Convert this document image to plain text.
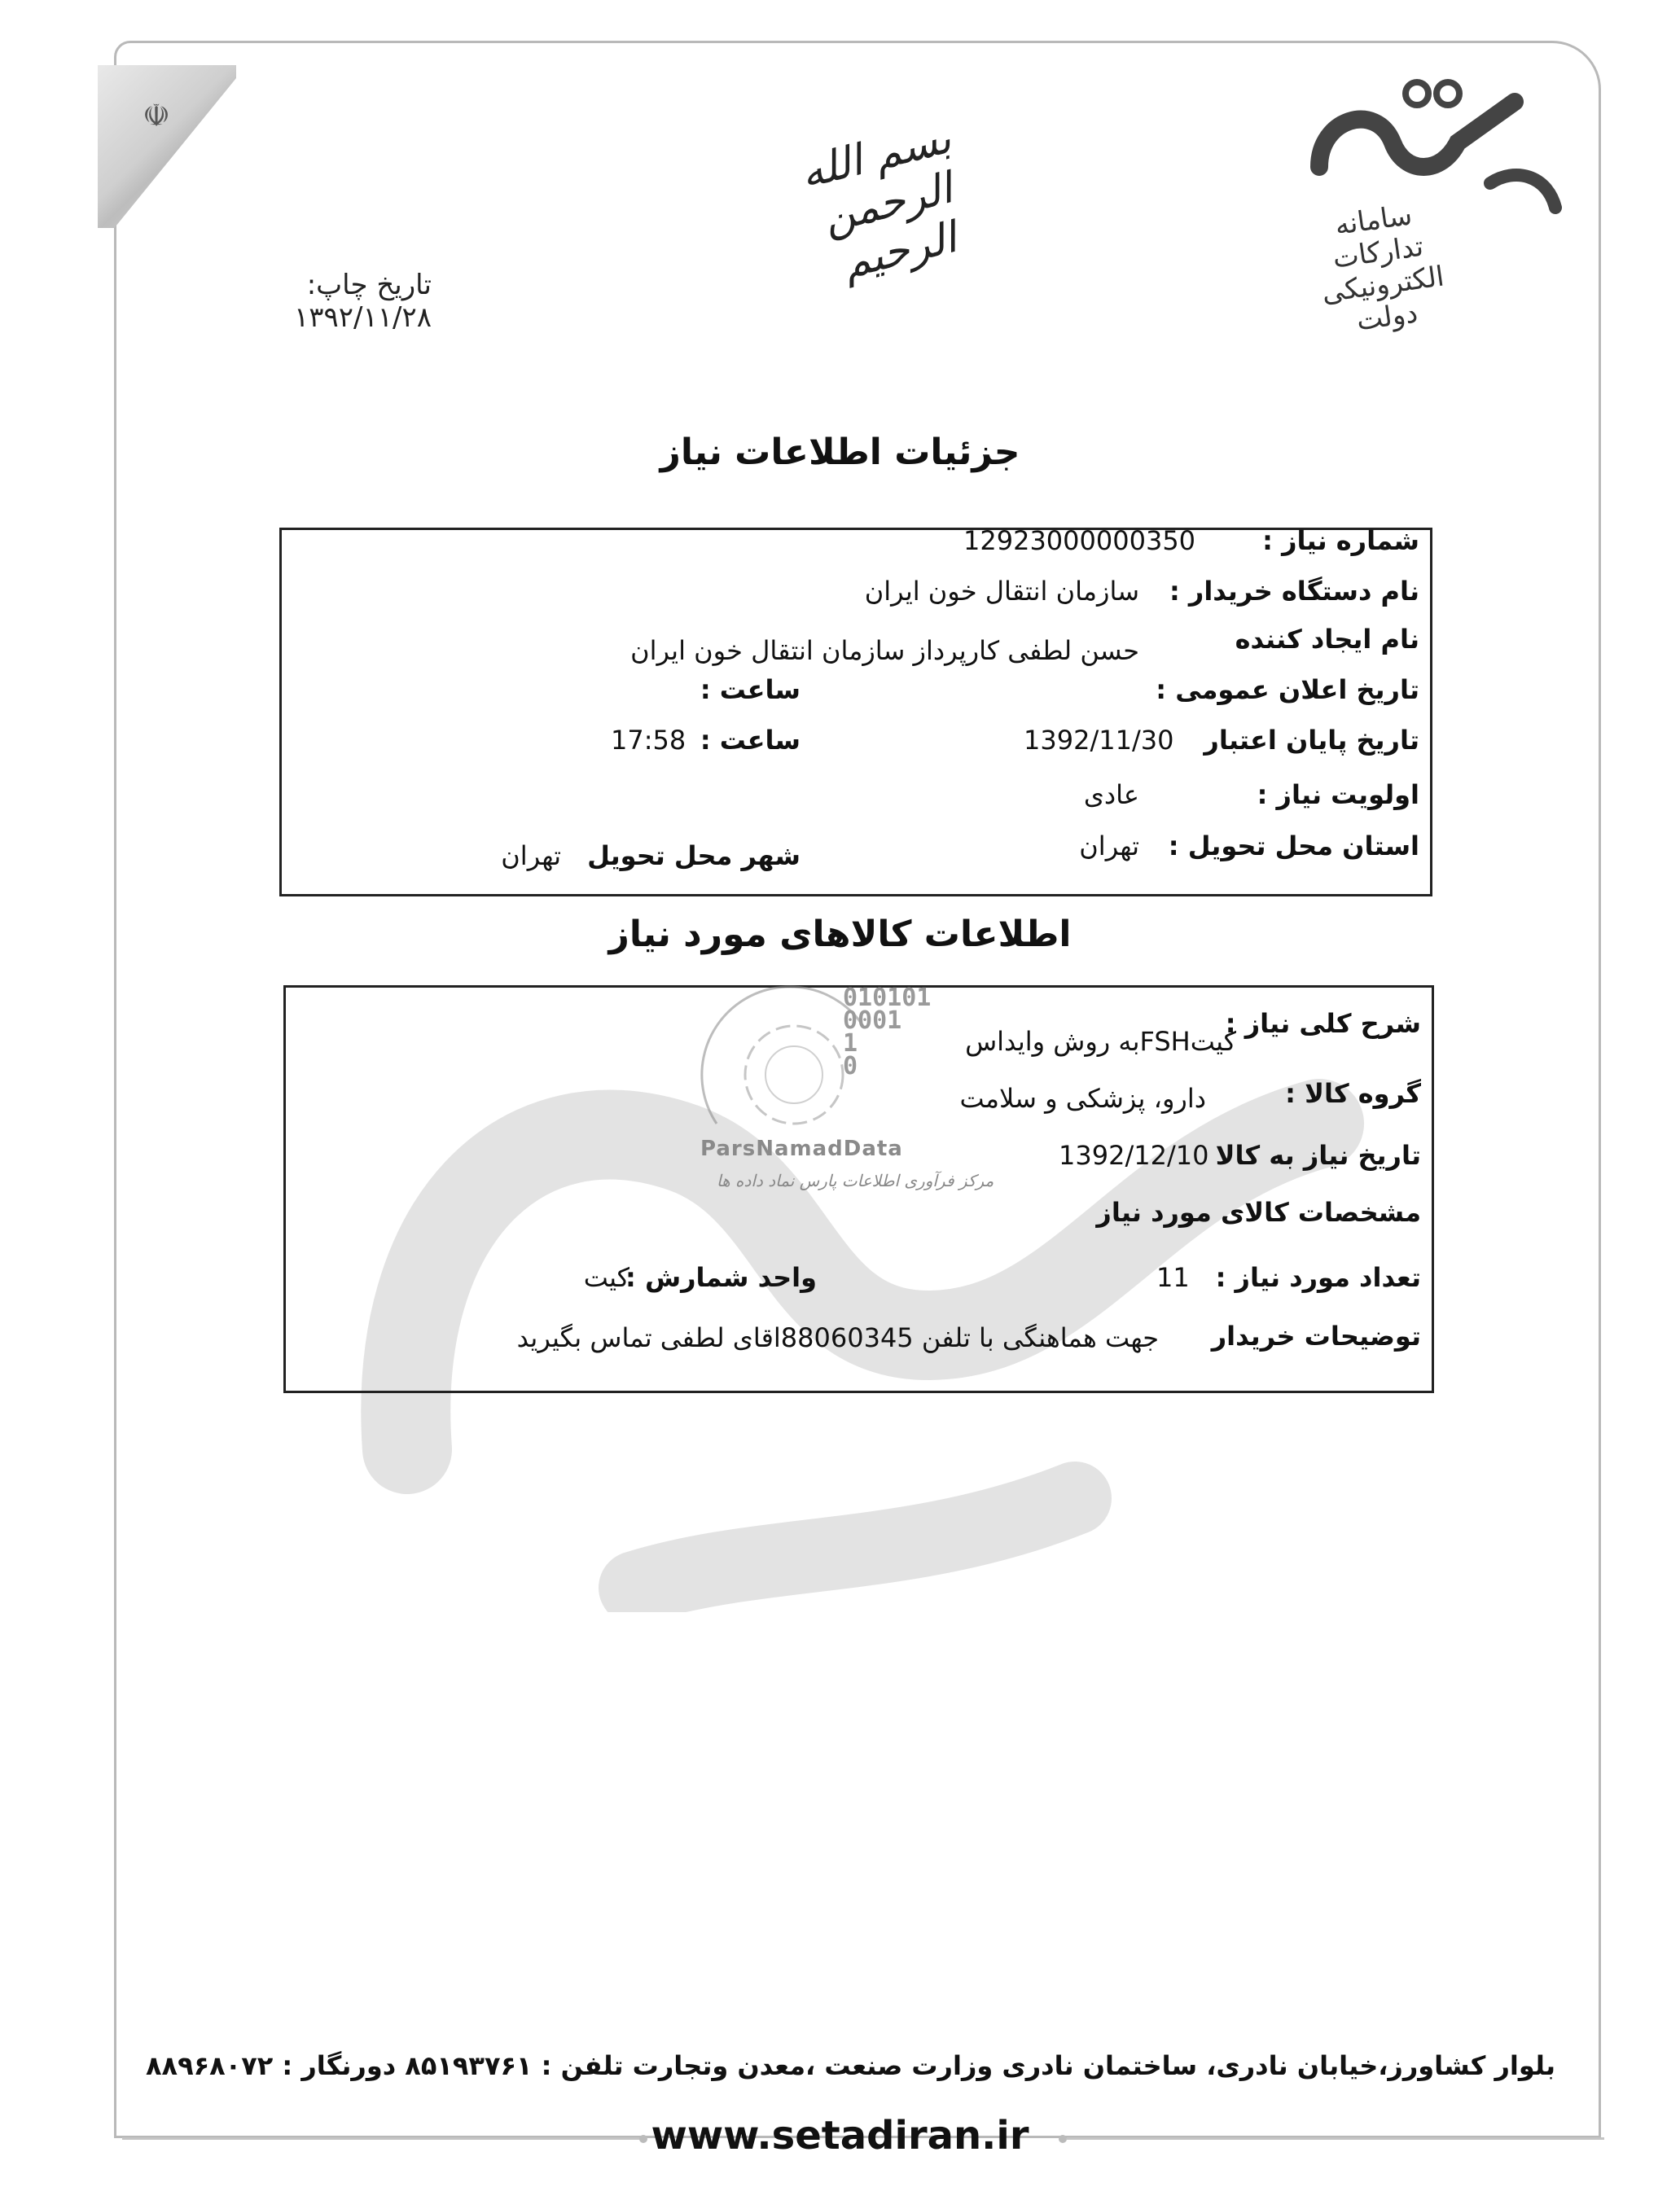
☫
سامانه تدارکات الکترونیکی دولت
بسم الله الرحمن الرحیم
تاریخ چاپ: ۱۳۹۲/۱۱/۲۸
جزئیات اطلاعات نیاز
شماره نیاز :
12923000000350
نام دستگاه خریدار :
سازمان انتقال خون ایران
نام ایجاد کننده
حسن لطفی کارپرداز سازمان انتقال خون ایران
تاریخ اعلان عمومی :
ساعت :
تاریخ پایان اعتبار
1392/11/30
ساعت :
17:58
اولویت نیاز :
عادی
استان محل تحویل :
تهران
شهر محل تحویل
تهران
اطلاعات کالاهای مورد نیاز
شرح کلی نیاز :
کیتFSHبه روش وایداس
گروه کالا :
دارو، پزشکی و سلامت
تاریخ نیاز به کالا
1392/12/10
مشخصات کالای مورد نیاز
تعداد مورد نیاز :
11
واحد شمارش :
کیت
توضیحات خریدار
جهت هماهنگی با تلفن 88060345اقای لطفی تماس بگیرید
010101
0001
1
0
ParsNamadData
مرکز فرآوری اطلاعات پارس نماد داده ها
بلوار کشاورز،خیابان نادری، ساختمان نادری وزارت صنعت ،معدن وتجارت تلفن : ۸۵۱۹۳۷۶۱ دورنگار : ۸۸۹۶۸۰۷۲
www.setadiran.ir
